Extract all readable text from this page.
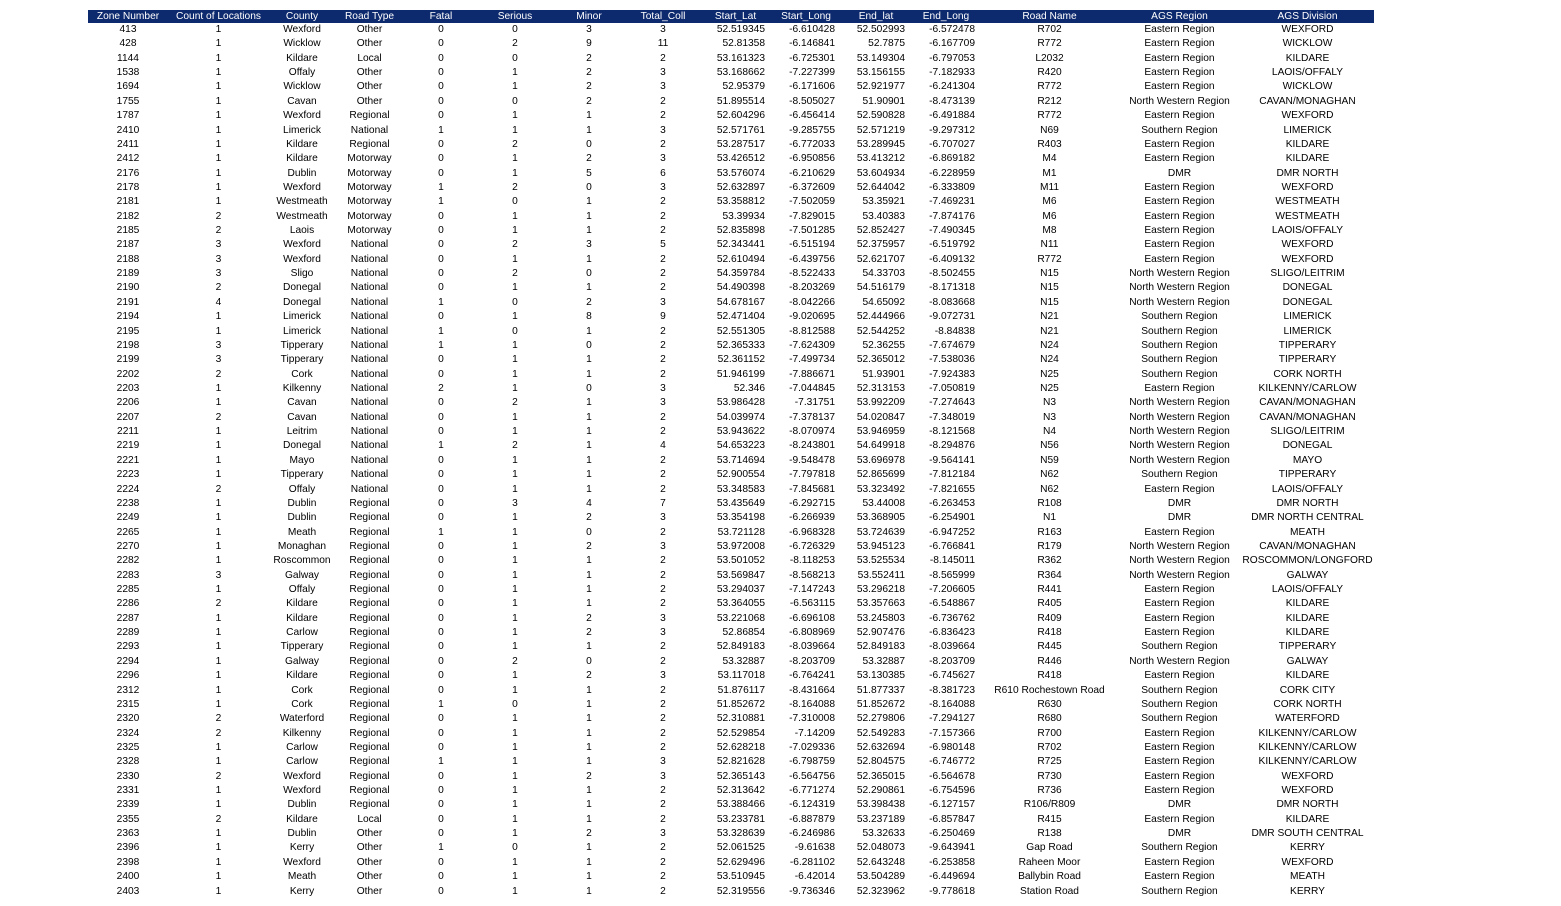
Zone Number	Count of Locations	County	Road Type	Fatal	Serious	Minor	Total_Coll	Start_Lat	Start_Long	End_lat	End_Long	Road Name	AGS Region	AGS Division
413	1	Wexford	Other	0	0	3	3	52.519345	-6.610428	52.502993	-6.572478	R702	Eastern Region	WEXFORD
428	1	Wicklow	Other	0	2	9	11	52.81358	-6.146841	52.7875	-6.167709	R772	Eastern Region	WICKLOW
1144	1	Kildare	Local	0	0	2	2	53.161323	-6.725301	53.149304	-6.797053	L2032	Eastern Region	KILDARE
1538	1	Offaly	Other	0	1	2	3	53.168662	-7.227399	53.156155	-7.182933	R420	Eastern Region	LAOIS/OFFALY
1694	1	Wicklow	Other	0	1	2	3	52.95379	-6.171606	52.921977	-6.241304	R772	Eastern Region	WICKLOW
1755	1	Cavan	Other	0	0	2	2	51.895514	-8.505027	51.90901	-8.473139	R212	North Western Region	CAVAN/MONAGHAN
1787	1	Wexford	Regional	0	1	1	2	52.604296	-6.456414	52.590828	-6.491884	R772	Eastern Region	WEXFORD
2410	1	Limerick	National	1	1	1	3	52.571761	-9.285755	52.571219	-9.297312	N69	Southern Region	LIMERICK
2411	1	Kildare	Regional	0	2	0	2	53.287517	-6.772033	53.289945	-6.707027	R403	Eastern Region	KILDARE
2412	1	Kildare	Motorway	0	1	2	3	53.426512	-6.950856	53.413212	-6.869182	M4	Eastern Region	KILDARE
2176	1	Dublin	Motorway	0	1	5	6	53.576074	-6.210629	53.604934	-6.228959	M1	DMR	DMR NORTH
2178	1	Wexford	Motorway	1	2	0	3	52.632897	-6.372609	52.644042	-6.333809	M11	Eastern Region	WEXFORD
2181	1	Westmeath	Motorway	1	0	1	2	53.358812	-7.502059	53.35921	-7.469231	M6	Eastern Region	WESTMEATH
2182	2	Westmeath	Motorway	0	1	1	2	53.39934	-7.829015	53.40383	-7.874176	M6	Eastern Region	WESTMEATH
2185	2	Laois	Motorway	0	1	1	2	52.835898	-7.501285	52.852427	-7.490345	M8	Eastern Region	LAOIS/OFFALY
2187	3	Wexford	National	0	2	3	5	52.343441	-6.515194	52.375957	-6.519792	N11	Eastern Region	WEXFORD
2188	3	Wexford	National	0	1	1	2	52.610494	-6.439756	52.621707	-6.409132	R772	Eastern Region	WEXFORD
2189	3	Sligo	National	0	2	0	2	54.359784	-8.522433	54.33703	-8.502455	N15	North Western Region	SLIGO/LEITRIM
2190	2	Donegal	National	0	1	1	2	54.490398	-8.203269	54.516179	-8.171318	N15	North Western Region	DONEGAL
2191	4	Donegal	National	1	0	2	3	54.678167	-8.042266	54.65092	-8.083668	N15	North Western Region	DONEGAL
2194	1	Limerick	National	0	1	8	9	52.471404	-9.020695	52.444966	-9.072731	N21	Southern Region	LIMERICK
2195	1	Limerick	National	1	0	1	2	52.551305	-8.812588	52.544252	-8.84838	N21	Southern Region	LIMERICK
2198	3	Tipperary	National	1	1	0	2	52.365333	-7.624309	52.36255	-7.674679	N24	Southern Region	TIPPERARY
2199	3	Tipperary	National	0	1	1	2	52.361152	-7.499734	52.365012	-7.538036	N24	Southern Region	TIPPERARY
2202	2	Cork	National	0	1	1	2	51.946199	-7.886671	51.93901	-7.924383	N25	Southern Region	CORK NORTH
2203	1	Kilkenny	National	2	1	0	3	52.346	-7.044845	52.313153	-7.050819	N25	Eastern Region	KILKENNY/CARLOW
2206	1	Cavan	National	0	2	1	3	53.986428	-7.31751	53.992209	-7.274643	N3	North Western Region	CAVAN/MONAGHAN
2207	2	Cavan	National	0	1	1	2	54.039974	-7.378137	54.020847	-7.348019	N3	North Western Region	CAVAN/MONAGHAN
2211	1	Leitrim	National	0	1	1	2	53.943622	-8.070974	53.946959	-8.121568	N4	North Western Region	SLIGO/LEITRIM
2219	1	Donegal	National	1	2	1	4	54.653223	-8.243801	54.649918	-8.294876	N56	North Western Region	DONEGAL
2221	1	Mayo	National	0	1	1	2	53.714694	-9.548478	53.696978	-9.564141	N59	North Western Region	MAYO
2223	1	Tipperary	National	0	1	1	2	52.900554	-7.797818	52.865699	-7.812184	N62	Southern Region	TIPPERARY
2224	2	Offaly	National	0	1	1	2	53.348583	-7.845681	53.323492	-7.821655	N62	Eastern Region	LAOIS/OFFALY
2238	1	Dublin	Regional	0	3	4	7	53.435649	-6.292715	53.44008	-6.263453	R108	DMR	DMR NORTH
2249	1	Dublin	Regional	0	1	2	3	53.354198	-6.266939	53.368905	-6.254901	N1	DMR	DMR NORTH CENTRAL
2265	1	Meath	Regional	1	1	0	2	53.721128	-6.968328	53.724639	-6.947252	R163	Eastern Region	MEATH
2270	1	Monaghan	Regional	0	1	2	3	53.972008	-6.726329	53.945123	-6.766841	R179	North Western Region	CAVAN/MONAGHAN
2282	1	Roscommon	Regional	0	1	1	2	53.501052	-8.118253	53.525534	-8.145011	R362	North Western Region	ROSCOMMON/LONGFORD
2283	3	Galway	Regional	0	1	1	2	53.569847	-8.568213	53.552411	-8.565999	R364	North Western Region	GALWAY
2285	1	Offaly	Regional	0	1	1	2	53.294037	-7.147243	53.296218	-7.206605	R441	Eastern Region	LAOIS/OFFALY
2286	2	Kildare	Regional	0	1	1	2	53.364055	-6.563115	53.357663	-6.548867	R405	Eastern Region	KILDARE
2287	1	Kildare	Regional	0	1	2	3	53.221068	-6.696108	53.245803	-6.736762	R409	Eastern Region	KILDARE
2289	1	Carlow	Regional	0	1	2	3	52.86854	-6.808969	52.907476	-6.836423	R418	Eastern Region	KILDARE
2293	1	Tipperary	Regional	0	1	1	2	52.849183	-8.039664	52.849183	-8.039664	R445	Southern Region	TIPPERARY
2294	1	Galway	Regional	0	2	0	2	53.32887	-8.203709	53.32887	-8.203709	R446	North Western Region	GALWAY
2296	1	Kildare	Regional	0	1	2	3	53.117018	-6.764241	53.130385	-6.745627	R418	Eastern Region	KILDARE
2312	1	Cork	Regional	0	1	1	2	51.876117	-8.431664	51.877337	-8.381723	R610 Rochestown Road	Southern Region	CORK CITY
2315	1	Cork	Regional	1	0	1	2	51.852672	-8.164088	51.852672	-8.164088	R630	Southern Region	CORK NORTH
2320	2	Waterford	Regional	0	1	1	2	52.310881	-7.310008	52.279806	-7.294127	R680	Southern Region	WATERFORD
2324	2	Kilkenny	Regional	0	1	1	2	52.529854	-7.14209	52.549283	-7.157366	R700	Eastern Region	KILKENNY/CARLOW
2325	1	Carlow	Regional	0	1	1	2	52.628218	-7.029336	52.632694	-6.980148	R702	Eastern Region	KILKENNY/CARLOW
2328	1	Carlow	Regional	1	1	1	3	52.821628	-6.798759	52.804575	-6.746772	R725	Eastern Region	KILKENNY/CARLOW
2330	2	Wexford	Regional	0	1	2	3	52.365143	-6.564756	52.365015	-6.564678	R730	Eastern Region	WEXFORD
2331	1	Wexford	Regional	0	1	1	2	52.313642	-6.771274	52.290861	-6.754596	R736	Eastern Region	WEXFORD
2339	1	Dublin	Regional	0	1	1	2	53.388466	-6.124319	53.398438	-6.127157	R106/R809	DMR	DMR NORTH
2355	2	Kildare	Local	0	1	1	2	53.233781	-6.887879	53.237189	-6.857847	R415	Eastern Region	KILDARE
2363	1	Dublin	Other	0	1	2	3	53.328639	-6.246986	53.32633	-6.250469	R138	DMR	DMR SOUTH CENTRAL
2396	1	Kerry	Other	1	0	1	2	52.061525	-9.61638	52.048073	-9.643941	Gap Road	Southern Region	KERRY
2398	1	Wexford	Other	0	1	1	2	52.629496	-6.281102	52.643248	-6.253858	Raheen Moor	Eastern Region	WEXFORD
2400	1	Meath	Other	0	1	1	2	53.510945	-6.42014	53.504289	-6.449694	Ballybin Road	Eastern Region	MEATH
2403	1	Kerry	Other	0	1	1	2	52.319556	-9.736346	52.323962	-9.778618	Station Road	Southern Region	KERRY
